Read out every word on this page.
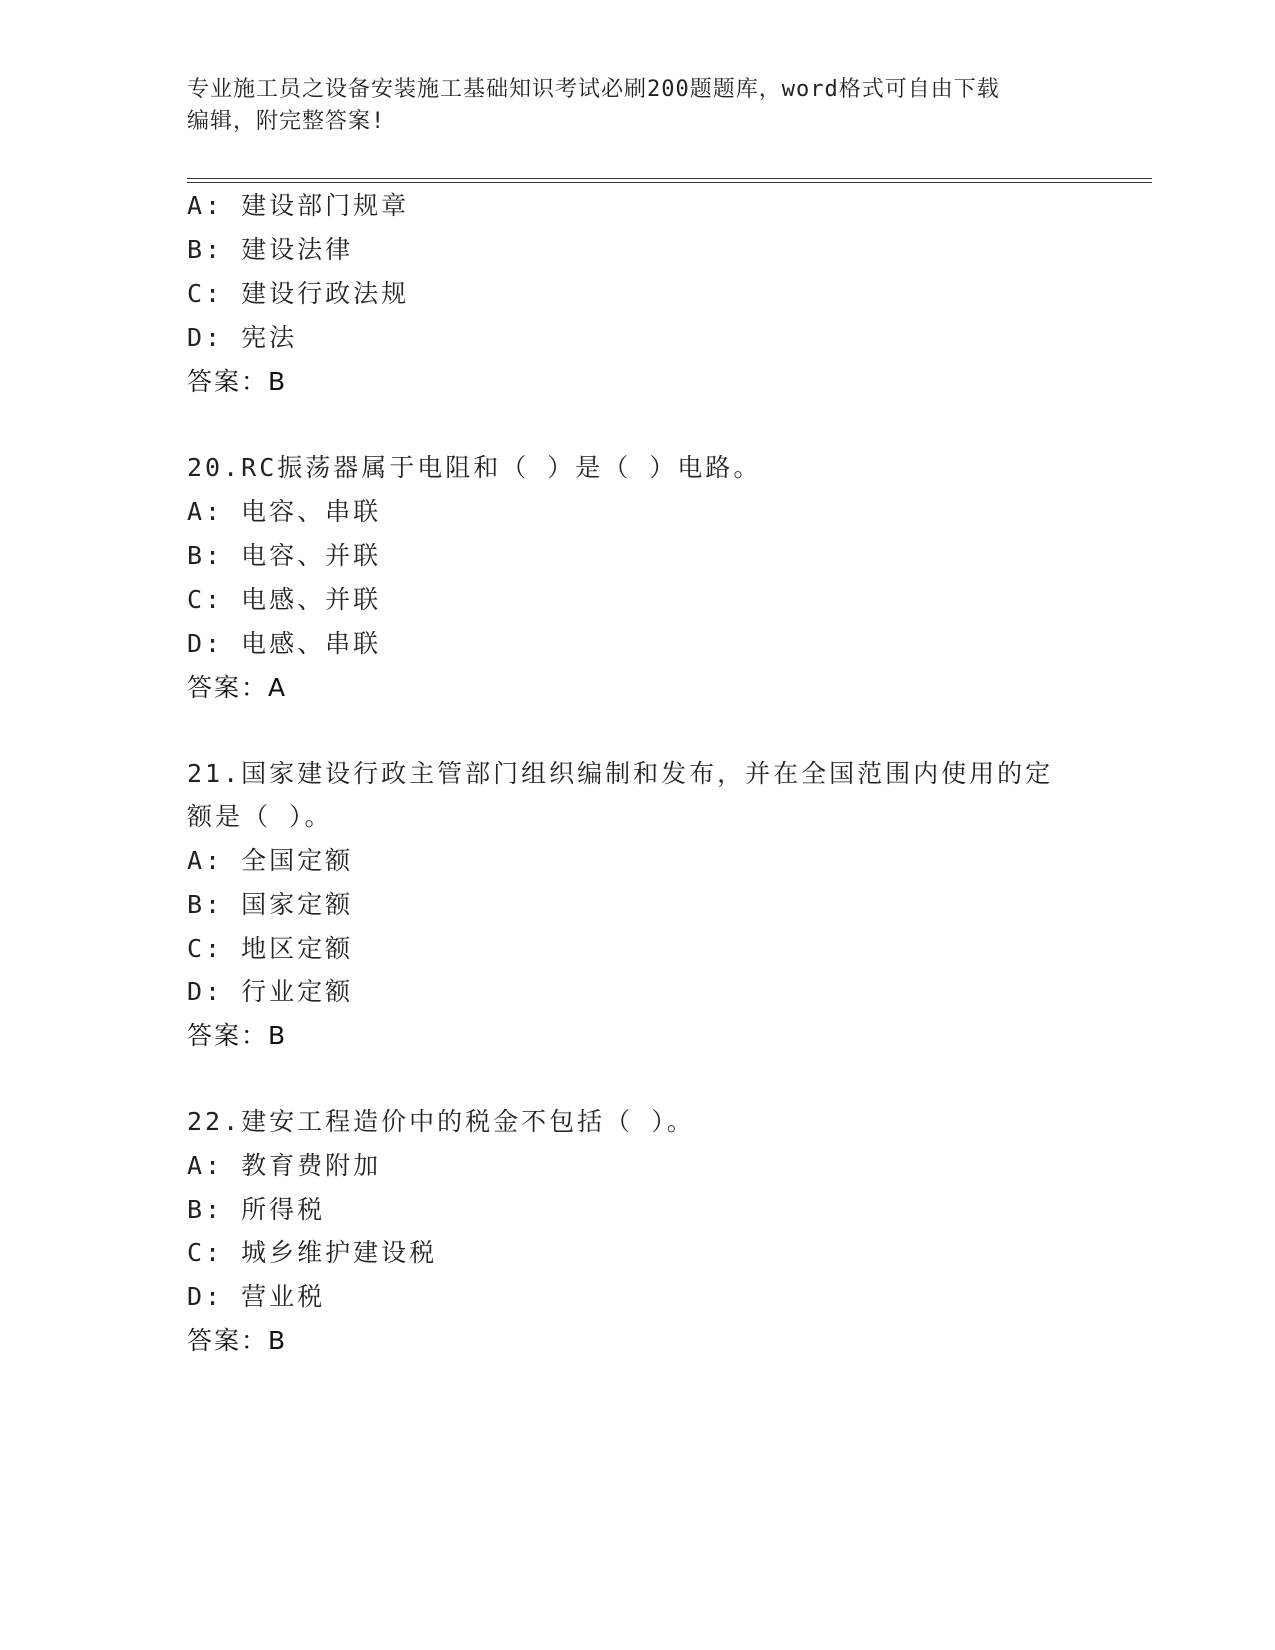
专业施工员之设备安装施工基础知识考试必刷200题题库，word格式可自由下载
编辑，附完整答案!
A: 建设部门规章
B: 建设法律
C: 建设行政法规
D: 宪法
答案：B
20.RC振荡器属于电阻和（ ）是（ ）电路。
A: 电容、串联
B: 电容、并联
C: 电感、并联
D: 电感、串联
答案：A
21.国家建设行政主管部门组织编制和发布，并在全国范围内使用的定
额是（ ）。
A: 全国定额
B: 国家定额
C: 地区定额
D: 行业定额
答案：B
22.建安工程造价中的税金不包括（ ）。
A: 教育费附加
B: 所得税
C: 城乡维护建设税
D: 营业税
答案：B
